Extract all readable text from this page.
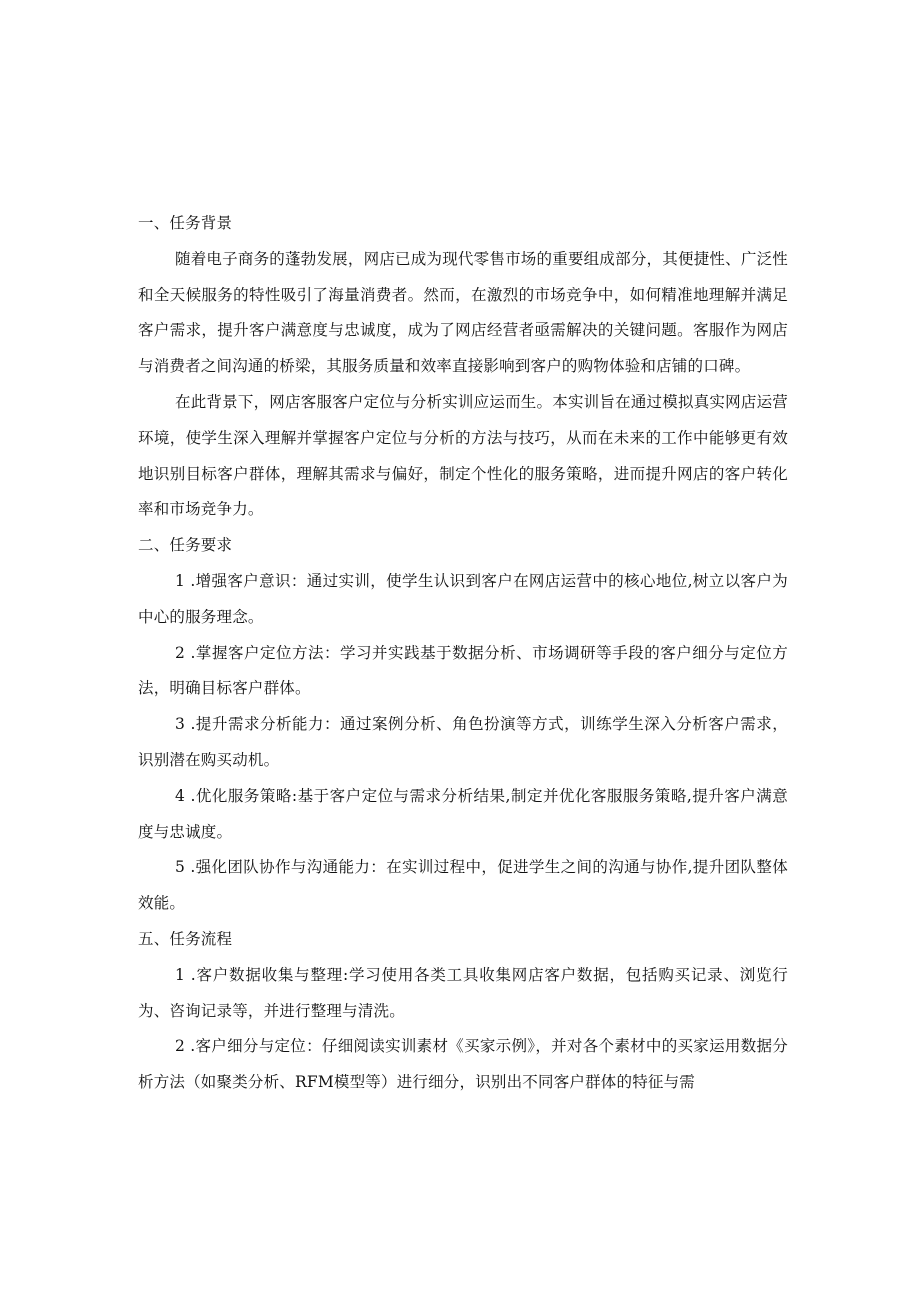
一、任务背景

随着电子商务的蓬勃发展，网店已成为现代零售市场的重要组成部分，其便捷性、广泛性和全天候服务的特性吸引了海量消费者。然而，在激烈的市场竞争中，如何精准地理解并满足客户需求，提升客户满意度与忠诚度，成为了网店经营者亟需解决的关键问题。客服作为网店与消费者之间沟通的桥梁，其服务质量和效率直接影响到客户的购物体验和店铺的口碑。

在此背景下，网店客服客户定位与分析实训应运而生。本实训旨在通过模拟真实网店运营环境，使学生深入理解并掌握客户定位与分析的方法与技巧，从而在未来的工作中能够更有效地识别目标客户群体，理解其需求与偏好，制定个性化的服务策略，进而提升网店的客户转化率和市场竞争力。

二、任务要求

1 .增强客户意识：通过实训，使学生认识到客户在网店运营中的核心地位,树立以客户为中心的服务理念。

2 .掌握客户定位方法：学习并实践基于数据分析、市场调研等手段的客户细分与定位方法，明确目标客户群体。

3 .提升需求分析能力：通过案例分析、角色扮演等方式，训练学生深入分析客户需求，识别潜在购买动机。

4 .优化服务策略:基于客户定位与需求分析结果,制定并优化客服服务策略,提升客户满意度与忠诚度。

5 .强化团队协作与沟通能力：在实训过程中，促进学生之间的沟通与协作,提升团队整体效能。

五、任务流程

1 .客户数据收集与整理:学习使用各类工具收集网店客户数据，包括购买记录、浏览行为、咨询记录等，并进行整理与清洗。

2 .客户细分与定位：仔细阅读实训素材《买家示例》，并对各个素材中的买家运用数据分析方法（如聚类分析、RFM模型等）进行细分，识别出不同客户群体的特征与需
